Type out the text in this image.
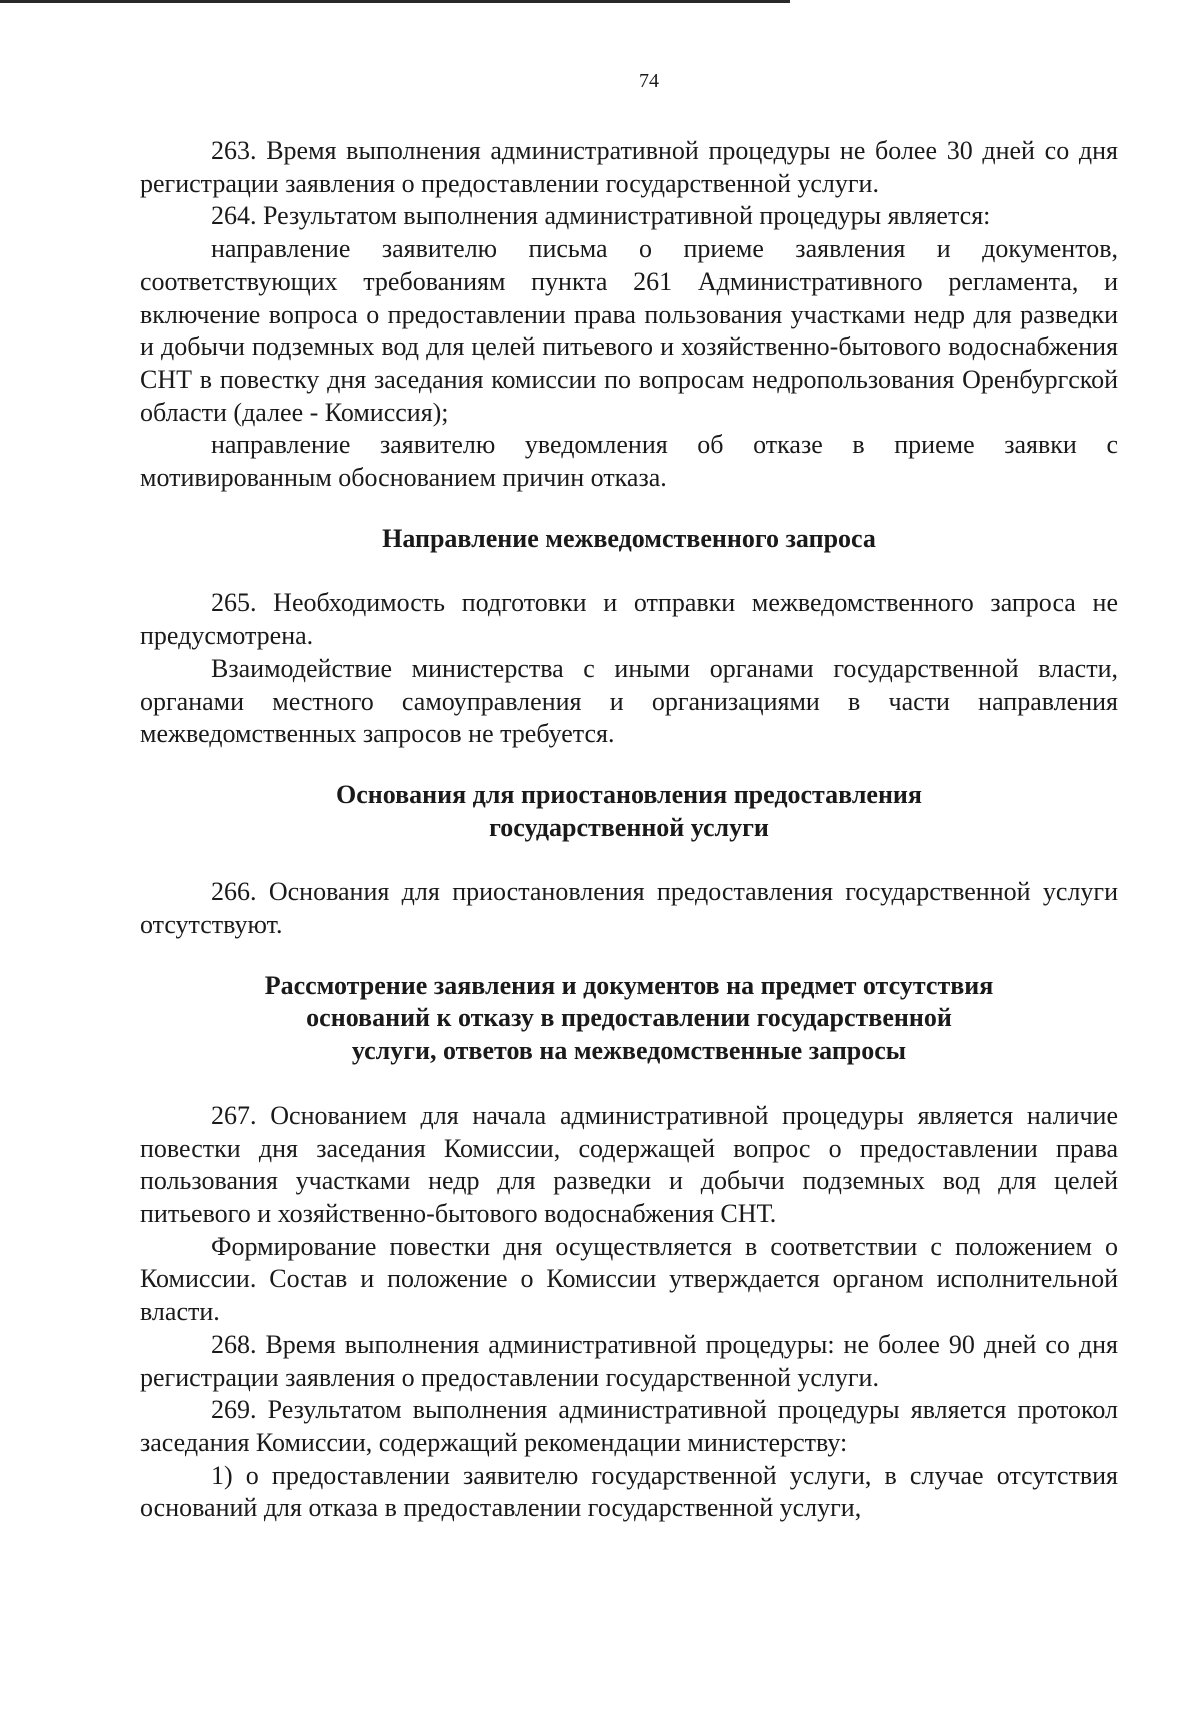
74

263. Время выполнения административной процедуры не более 30 дней со дня регистрации заявления о предоставлении государственной услуги.

264. Результатом выполнения административной процедуры является:

направление заявителю письма о приеме заявления и документов, соответствующих требованиям пункта 261 Административного регламента, и включение вопроса о предоставлении права пользования участками недр для разведки и добычи подземных вод для целей питьевого и хозяйственно-бытового водоснабжения СНТ в повестку дня заседания комиссии по вопросам недропользования Оренбургской области (далее - Комиссия);

направление заявителю уведомления об отказе в приеме заявки с мотивированным обоснованием причин отказа.

Направление межведомственного запроса

265. Необходимость подготовки и отправки межведомственного запроса не предусмотрена.

Взаимодействие министерства с иными органами государственной власти, органами местного самоуправления и организациями в части направления межведомственных запросов не требуется.

Основания для приостановления предоставления
государственной услуги

266. Основания для приостановления предоставления государственной услуги отсутствуют.

Рассмотрение заявления и документов на предмет отсутствия
оснований к отказу в предоставлении государственной
услуги, ответов на межведомственные запросы

267. Основанием для начала административной процедуры является наличие повестки дня заседания Комиссии, содержащей вопрос о предоставлении права пользования участками недр для разведки и добычи подземных вод для целей питьевого и хозяйственно-бытового водоснабжения СНТ.

Формирование повестки дня осуществляется в соответствии с положением о Комиссии. Состав и положение о Комиссии утверждается органом исполнительной власти.

268. Время выполнения административной процедуры: не более 90 дней со дня регистрации заявления о предоставлении государственной услуги.

269. Результатом выполнения административной процедуры является протокол заседания Комиссии, содержащий рекомендации министерству:

1) о предоставлении заявителю государственной услуги, в случае отсутствия оснований для отказа в предоставлении государственной услуги,
